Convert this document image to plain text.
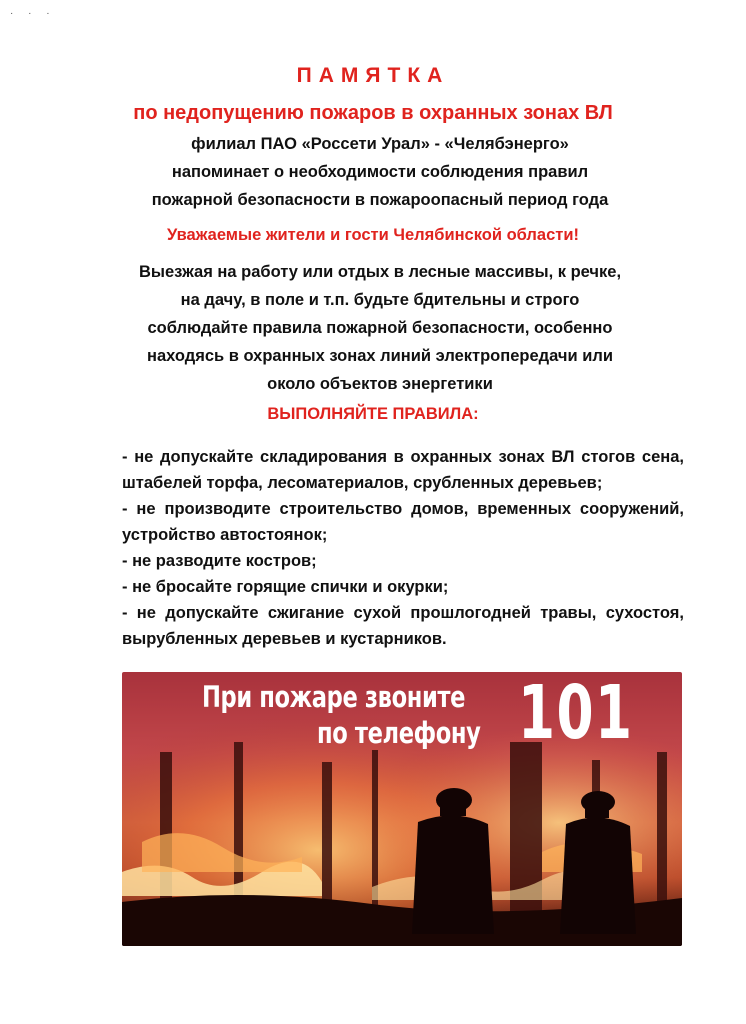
· · ·
ПАМЯТКА
по недопущению пожаров в охранных зонах ВЛ
филиал ПАО «Россети Урал» - «Челябэнерго»
напоминает о необходимости соблюдения правил
пожарной безопасности в пожароопасный период года
Уважаемые жители и гости Челябинской области!
Выезжая на работу или отдых в лесные массивы, к речке,
на дачу, в поле и т.п. будьте бдительны и строго
соблюдайте правила пожарной безопасности, особенно
находясь в охранных зонах линий электропередачи или
около объектов энергетики
ВЫПОЛНЯЙТЕ ПРАВИЛА:
- не допускайте складирования в охранных зонах ВЛ стогов сена, штабелей торфа, лесоматериалов, срубленных деревьев;
- не производите строительство домов, временных сооружений, устройство автостоянок;
- не разводите костров;
- не бросайте горящие спички и окурки;
- не допускайте сжигание сухой прошлогодней травы, сухостоя, вырубленных деревьев и кустарников.
При пожаре звоните
по телефону 101
